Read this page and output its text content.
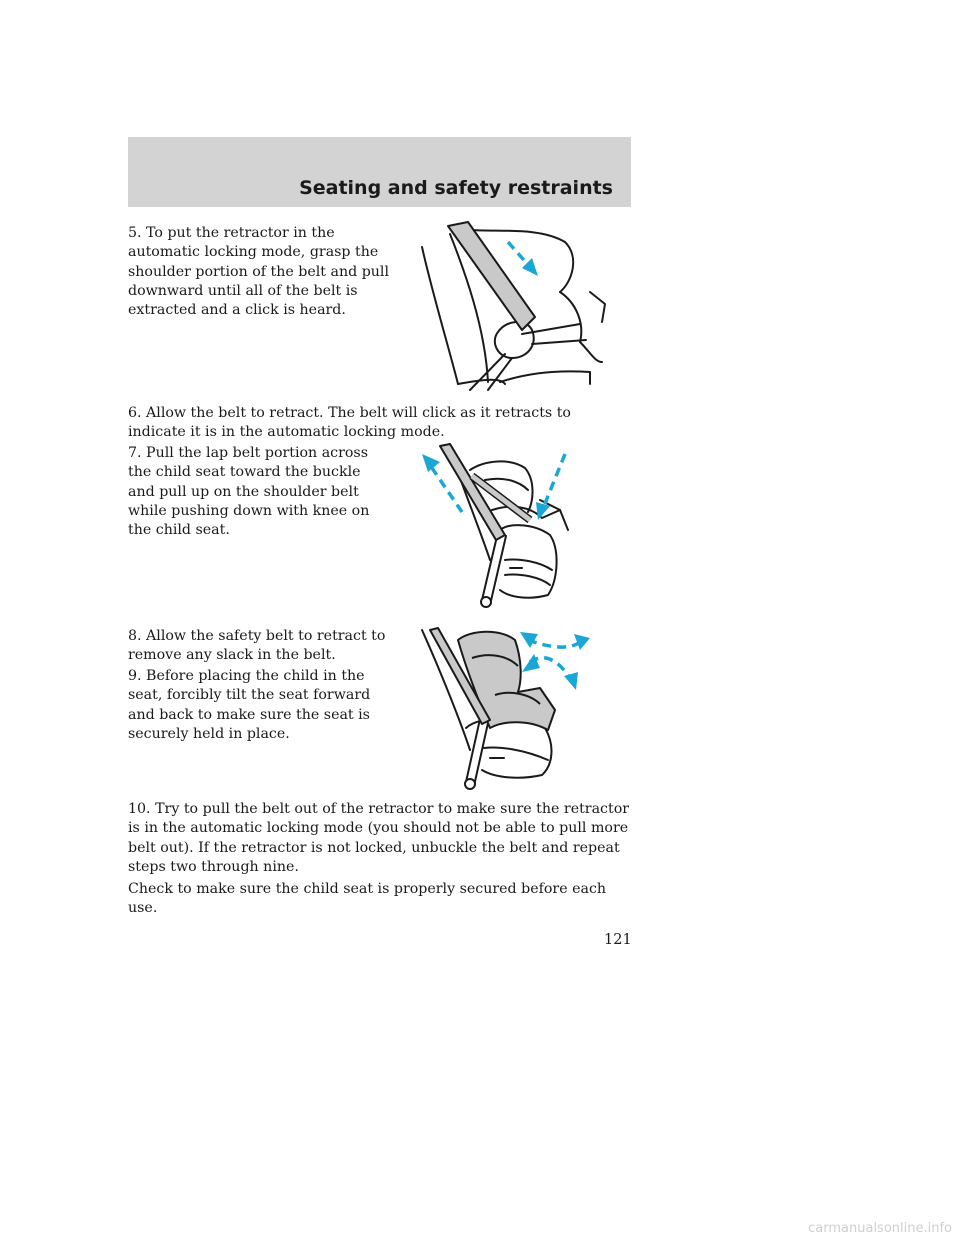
Seating and safety restraints

5. To put the retractor in the automatic locking mode, grasp the shoulder portion of the belt and pull downward until all of the belt is extracted and a click is heard.

6. Allow the belt to retract. The belt will click as it retracts to indicate it is in the automatic locking mode.

7. Pull the lap belt portion across the child seat toward the buckle and pull up on the shoulder belt while pushing down with knee on the child seat.

8. Allow the safety belt to retract to remove any slack in the belt.

9. Before placing the child in the seat, forcibly tilt the seat forward and back to make sure the seat is securely held in place.

10. Try to pull the belt out of the retractor to make sure the retractor is in the automatic locking mode (you should not be able to pull more belt out). If the retractor is not locked, unbuckle the belt and repeat steps two through nine.

Check to make sure the child seat is properly secured before each use.

121
carmanualsonline.info
